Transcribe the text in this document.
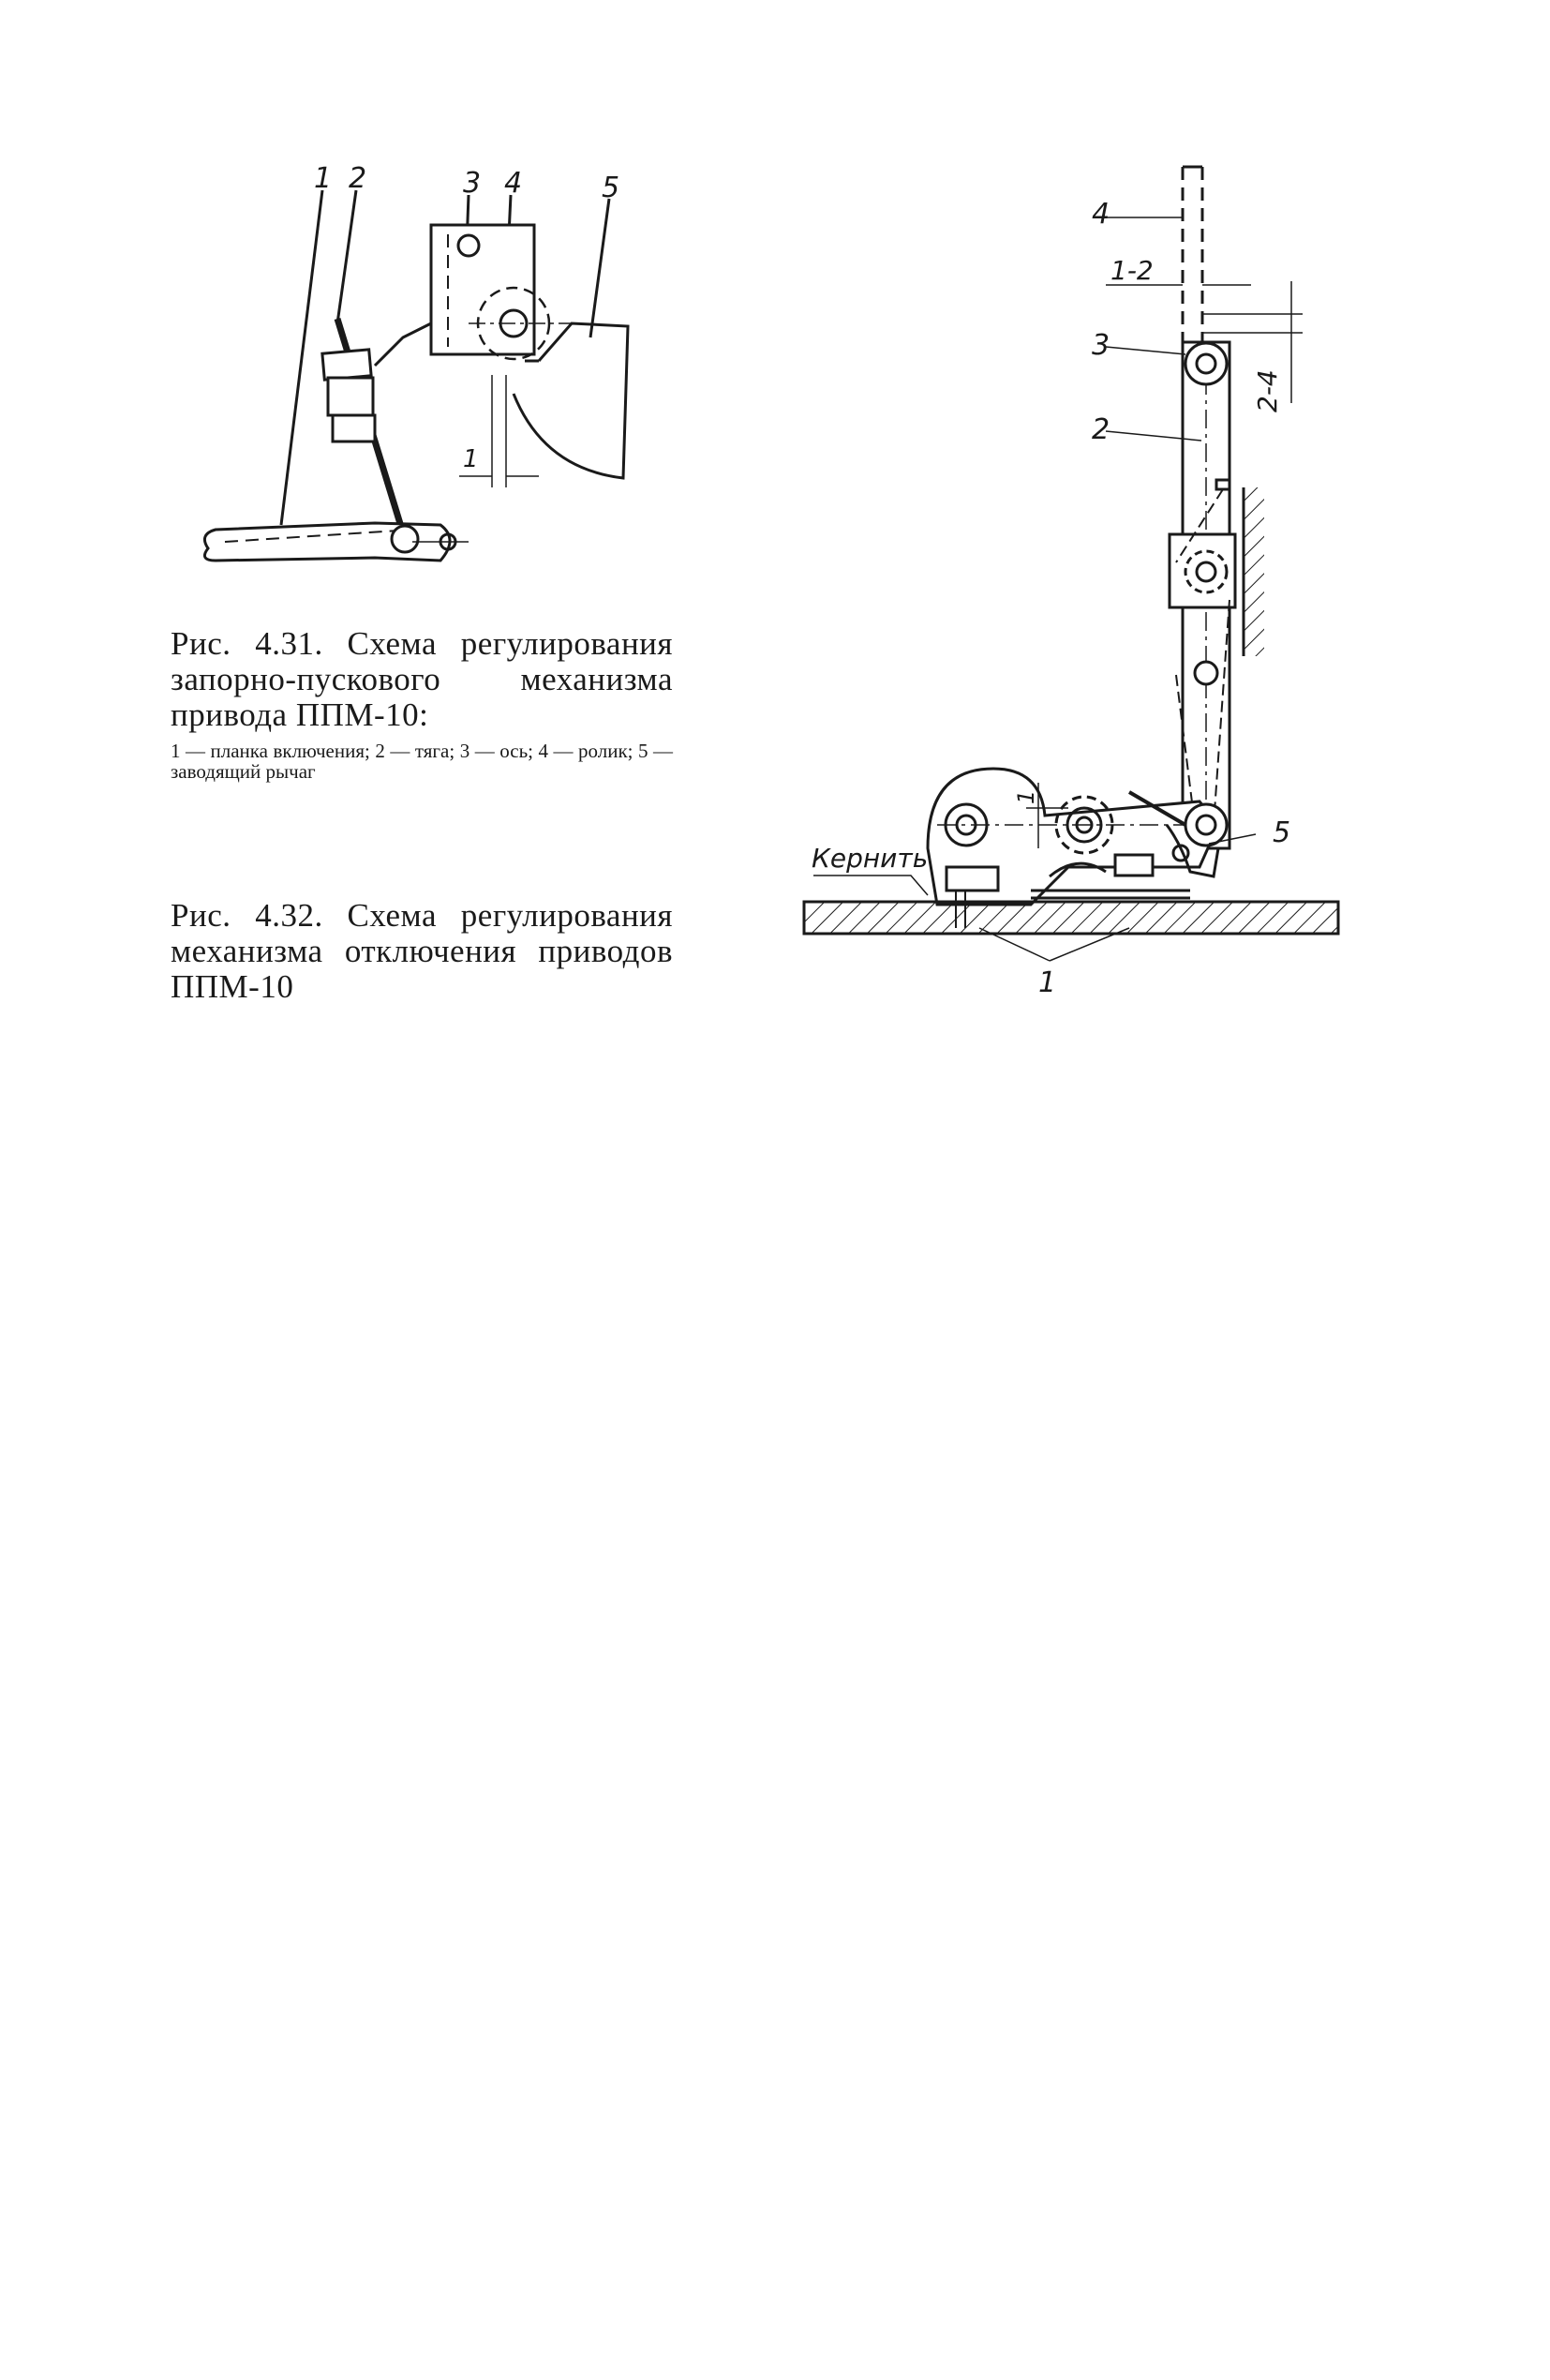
1 2	3 4	5
1
4
3
2
5
1
1-2
2-4
1
Кернить
Рис. 4.31. Схема регулирования запорно-пускового механизма привода ППМ-10:
1 — планка включения; 2 — тяга; 3 — ось; 4 — ролик; 5 — заводящий рычаг
Рис. 4.32. Схема регулирования механизма отключения приводов ППМ-10
